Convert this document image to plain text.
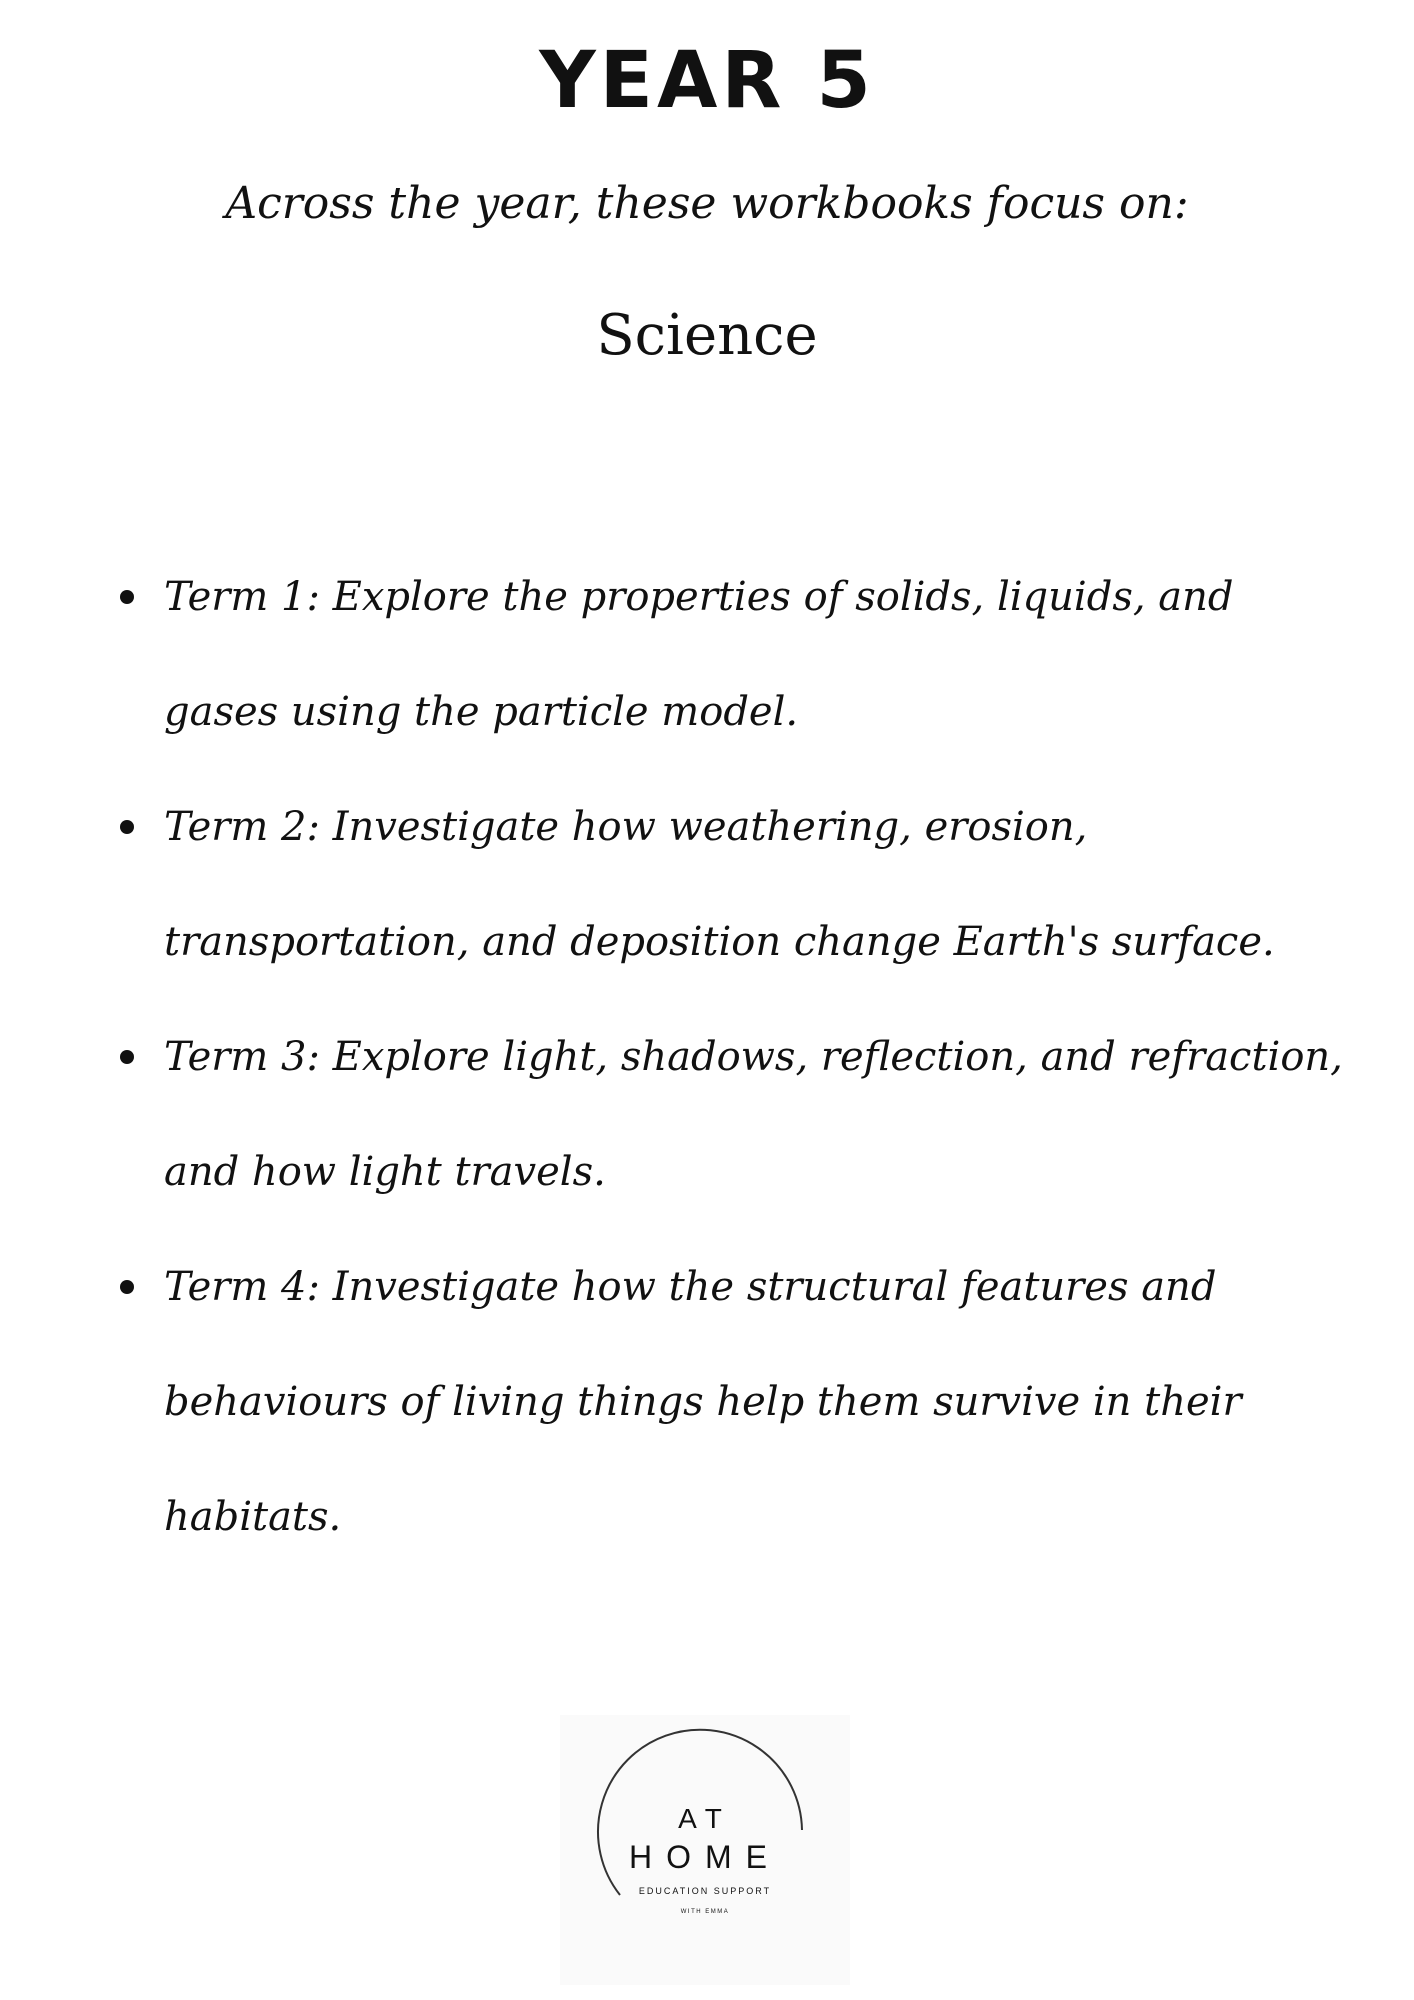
YEAR 5
Across the year, these workbooks focus on:
Science
Term 1: Explore the properties of solids, liquids, and gases using the particle model.
Term 2: Investigate how weathering, erosion, transportation, and deposition change Earth's surface.
Term 3: Explore light, shadows, reflection, and refraction, and how light travels.
Term 4: Investigate how the structural features and behaviours of living things help them survive in their habitats.
AT
HOME
EDUCATION SUPPORT
WITH EMMA
